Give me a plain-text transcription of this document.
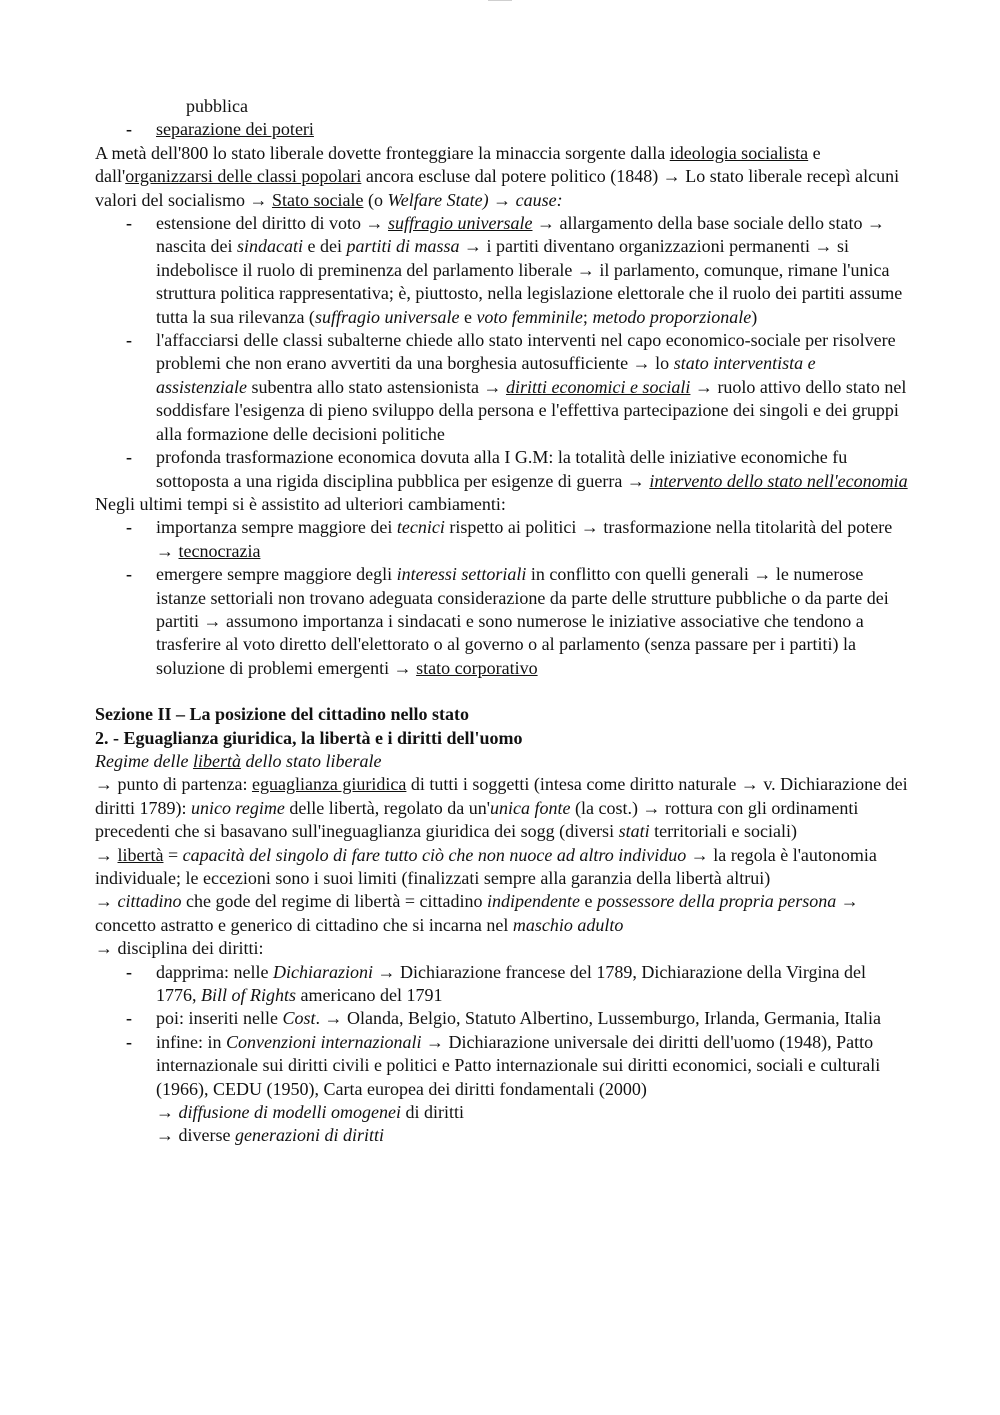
pubblica

- separazione dei poteri

A metà dell'800 lo stato liberale dovette fronteggiare la minaccia sorgente dalla ideologia socialista e dall'organizzarsi delle classi popolari ancora escluse dal potere politico (1848) → Lo stato liberale recepì alcuni valori del socialismo → Stato sociale (o Welfare State) → cause:

- estensione del diritto di voto → suffragio universale → allargamento della base sociale dello stato → nascita dei sindacati e dei partiti di massa → i partiti diventano organizzazioni permanenti → si indebolisce il ruolo di preminenza del parlamento liberale → il parlamento, comunque, rimane l'unica struttura politica rappresentativa; è, piuttosto, nella legislazione elettorale che il ruolo dei partiti assume tutta la sua rilevanza (suffragio universale e voto femminile; metodo proporzionale)

- l'affacciarsi delle classi subalterne chiede allo stato interventi nel capo economico-sociale per risolvere problemi che non erano avvertiti da una borghesia autosufficiente → lo stato interventista e assistenziale subentra allo stato astensionista → diritti economici e sociali → ruolo attivo dello stato nel soddisfare l'esigenza di pieno sviluppo della persona e l'effettiva partecipazione dei singoli e dei gruppi alla formazione delle decisioni politiche

- profonda trasformazione economica dovuta alla I G.M: la totalità delle iniziative economiche fu sottoposta a una rigida disciplina pubblica per esigenze di guerra → intervento dello stato nell'economia

Negli ultimi tempi si è assistito ad ulteriori cambiamenti:

- importanza sempre maggiore dei tecnici rispetto ai politici → trasformazione nella titolarità del potere → tecnocrazia

- emergere sempre maggiore degli interessi settoriali in conflitto con quelli generali → le numerose istanze settoriali non trovano adeguata considerazione da parte delle strutture pubbliche o da parte dei partiti → assumono importanza i sindacati e sono numerose le iniziative associative che tendono a trasferire al voto diretto dell'elettorato o al governo o al parlamento (senza passare per i partiti) la soluzione di problemi emergenti → stato corporativo

Sezione II – La posizione del cittadino nello stato

2. - Eguaglianza giuridica, la libertà e i diritti dell'uomo

Regime delle libertà dello stato liberale

→ punto di partenza: eguaglianza giuridica di tutti i soggetti (intesa come diritto naturale → v. Dichiarazione dei diritti 1789): unico regime delle libertà, regolato da un'unica fonte (la cost.) → rottura con gli ordinamenti precedenti che si basavano sull'ineguaglianza giuridica dei sogg (diversi stati territoriali e sociali)

→ libertà = capacità del singolo di fare tutto ciò che non nuoce ad altro individuo → la regola è l'autonomia individuale; le eccezioni sono i suoi limiti (finalizzati sempre alla garanzia della libertà altrui)

→ cittadino che gode del regime di libertà = cittadino indipendente e possessore della propria persona → concetto astratto e generico di cittadino che si incarna nel maschio adulto

→ disciplina dei diritti:

- dapprima: nelle Dichiarazioni → Dichiarazione francese del 1789, Dichiarazione della Virgina del 1776, Bill of Rights americano del 1791

- poi: inseriti nelle Cost. → Olanda, Belgio, Statuto Albertino, Lussemburgo, Irlanda, Germania, Italia

- infine: in Convenzioni internazionali → Dichiarazione universale dei diritti dell'uomo (1948), Patto internazionale sui diritti civili e politici e Patto internazionale sui diritti economici, sociali e culturali (1966), CEDU (1950), Carta europea dei diritti fondamentali (2000)

→ diffusione di modelli omogenei di diritti

→ diverse generazioni di diritti
